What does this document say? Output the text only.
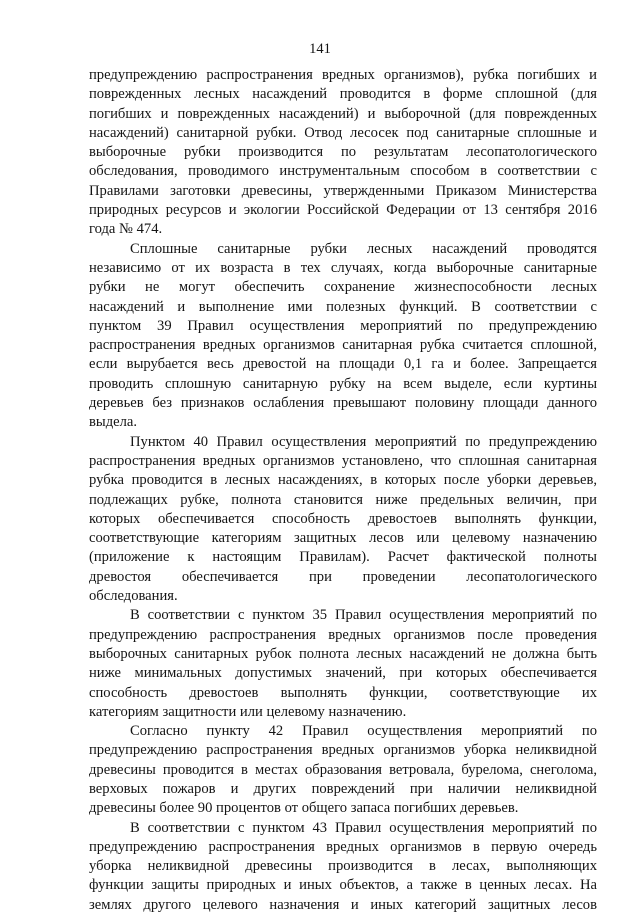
141
предупреждению распространения вредных организмов), рубка погибших и
поврежденных лесных насаждений проводится в форме сплошной (для
погибших и поврежденных насаждений) и выборочной (для поврежденных
насаждений) санитарной рубки. Отвод лесосек под санитарные сплошные и
выборочные рубки производится по результатам лесопатологического
обследования, проводимого инструментальным способом в соответствии с
Правилами заготовки древесины, утвержденными Приказом Министерства
природных ресурсов и экологии Российской Федерации от 13 сентября 2016
года № 474.
Сплошные санитарные рубки лесных насаждений проводятся
независимо от их возраста в тех случаях, когда выборочные санитарные
рубки не могут обеспечить сохранение жизнеспособности лесных
насаждений и выполнение ими полезных функций. В соответствии с
пунктом 39 Правил осуществления мероприятий по предупреждению
распространения вредных организмов санитарная рубка считается сплошной,
если вырубается весь древостой на площади 0,1 га и более. Запрещается
проводить сплошную санитарную рубку на всем выделе, если куртины
деревьев без признаков ослабления превышают половину площади данного
выдела.
Пунктом 40 Правил осуществления мероприятий по предупреждению
распространения вредных организмов установлено, что сплошная санитарная
рубка проводится в лесных насаждениях, в которых после уборки деревьев,
подлежащих рубке, полнота становится ниже предельных величин, при
которых обеспечивается способность древостоев выполнять функции,
соответствующие категориям защитных лесов или целевому назначению
(приложение к настоящим Правилам). Расчет фактической полноты
древостоя обеспечивается при проведении лесопатологического
обследования.
В соответствии с пунктом 35 Правил осуществления мероприятий по
предупреждению распространения вредных организмов после проведения
выборочных санитарных рубок полнота лесных насаждений не должна быть
ниже минимальных допустимых значений, при которых обеспечивается
способность древостоев выполнять функции, соответствующие их
категориям защитности или целевому назначению.
Согласно пункту 42 Правил осуществления мероприятий по
предупреждению распространения вредных организмов уборка неликвидной
древесины проводится в местах образования ветровала, бурелома, снеголома,
верховых пожаров и других повреждений при наличии неликвидной
древесины более 90 процентов от общего запаса погибших деревьев.
В соответствии с пунктом 43 Правил осуществления мероприятий по
предупреждению распространения вредных организмов в первую очередь
уборка неликвидной древесины производится в лесах, выполняющих
функции защиты природных и иных объектов, а также в ценных лесах. На
землях другого целевого назначения и иных категорий защитных лесов
